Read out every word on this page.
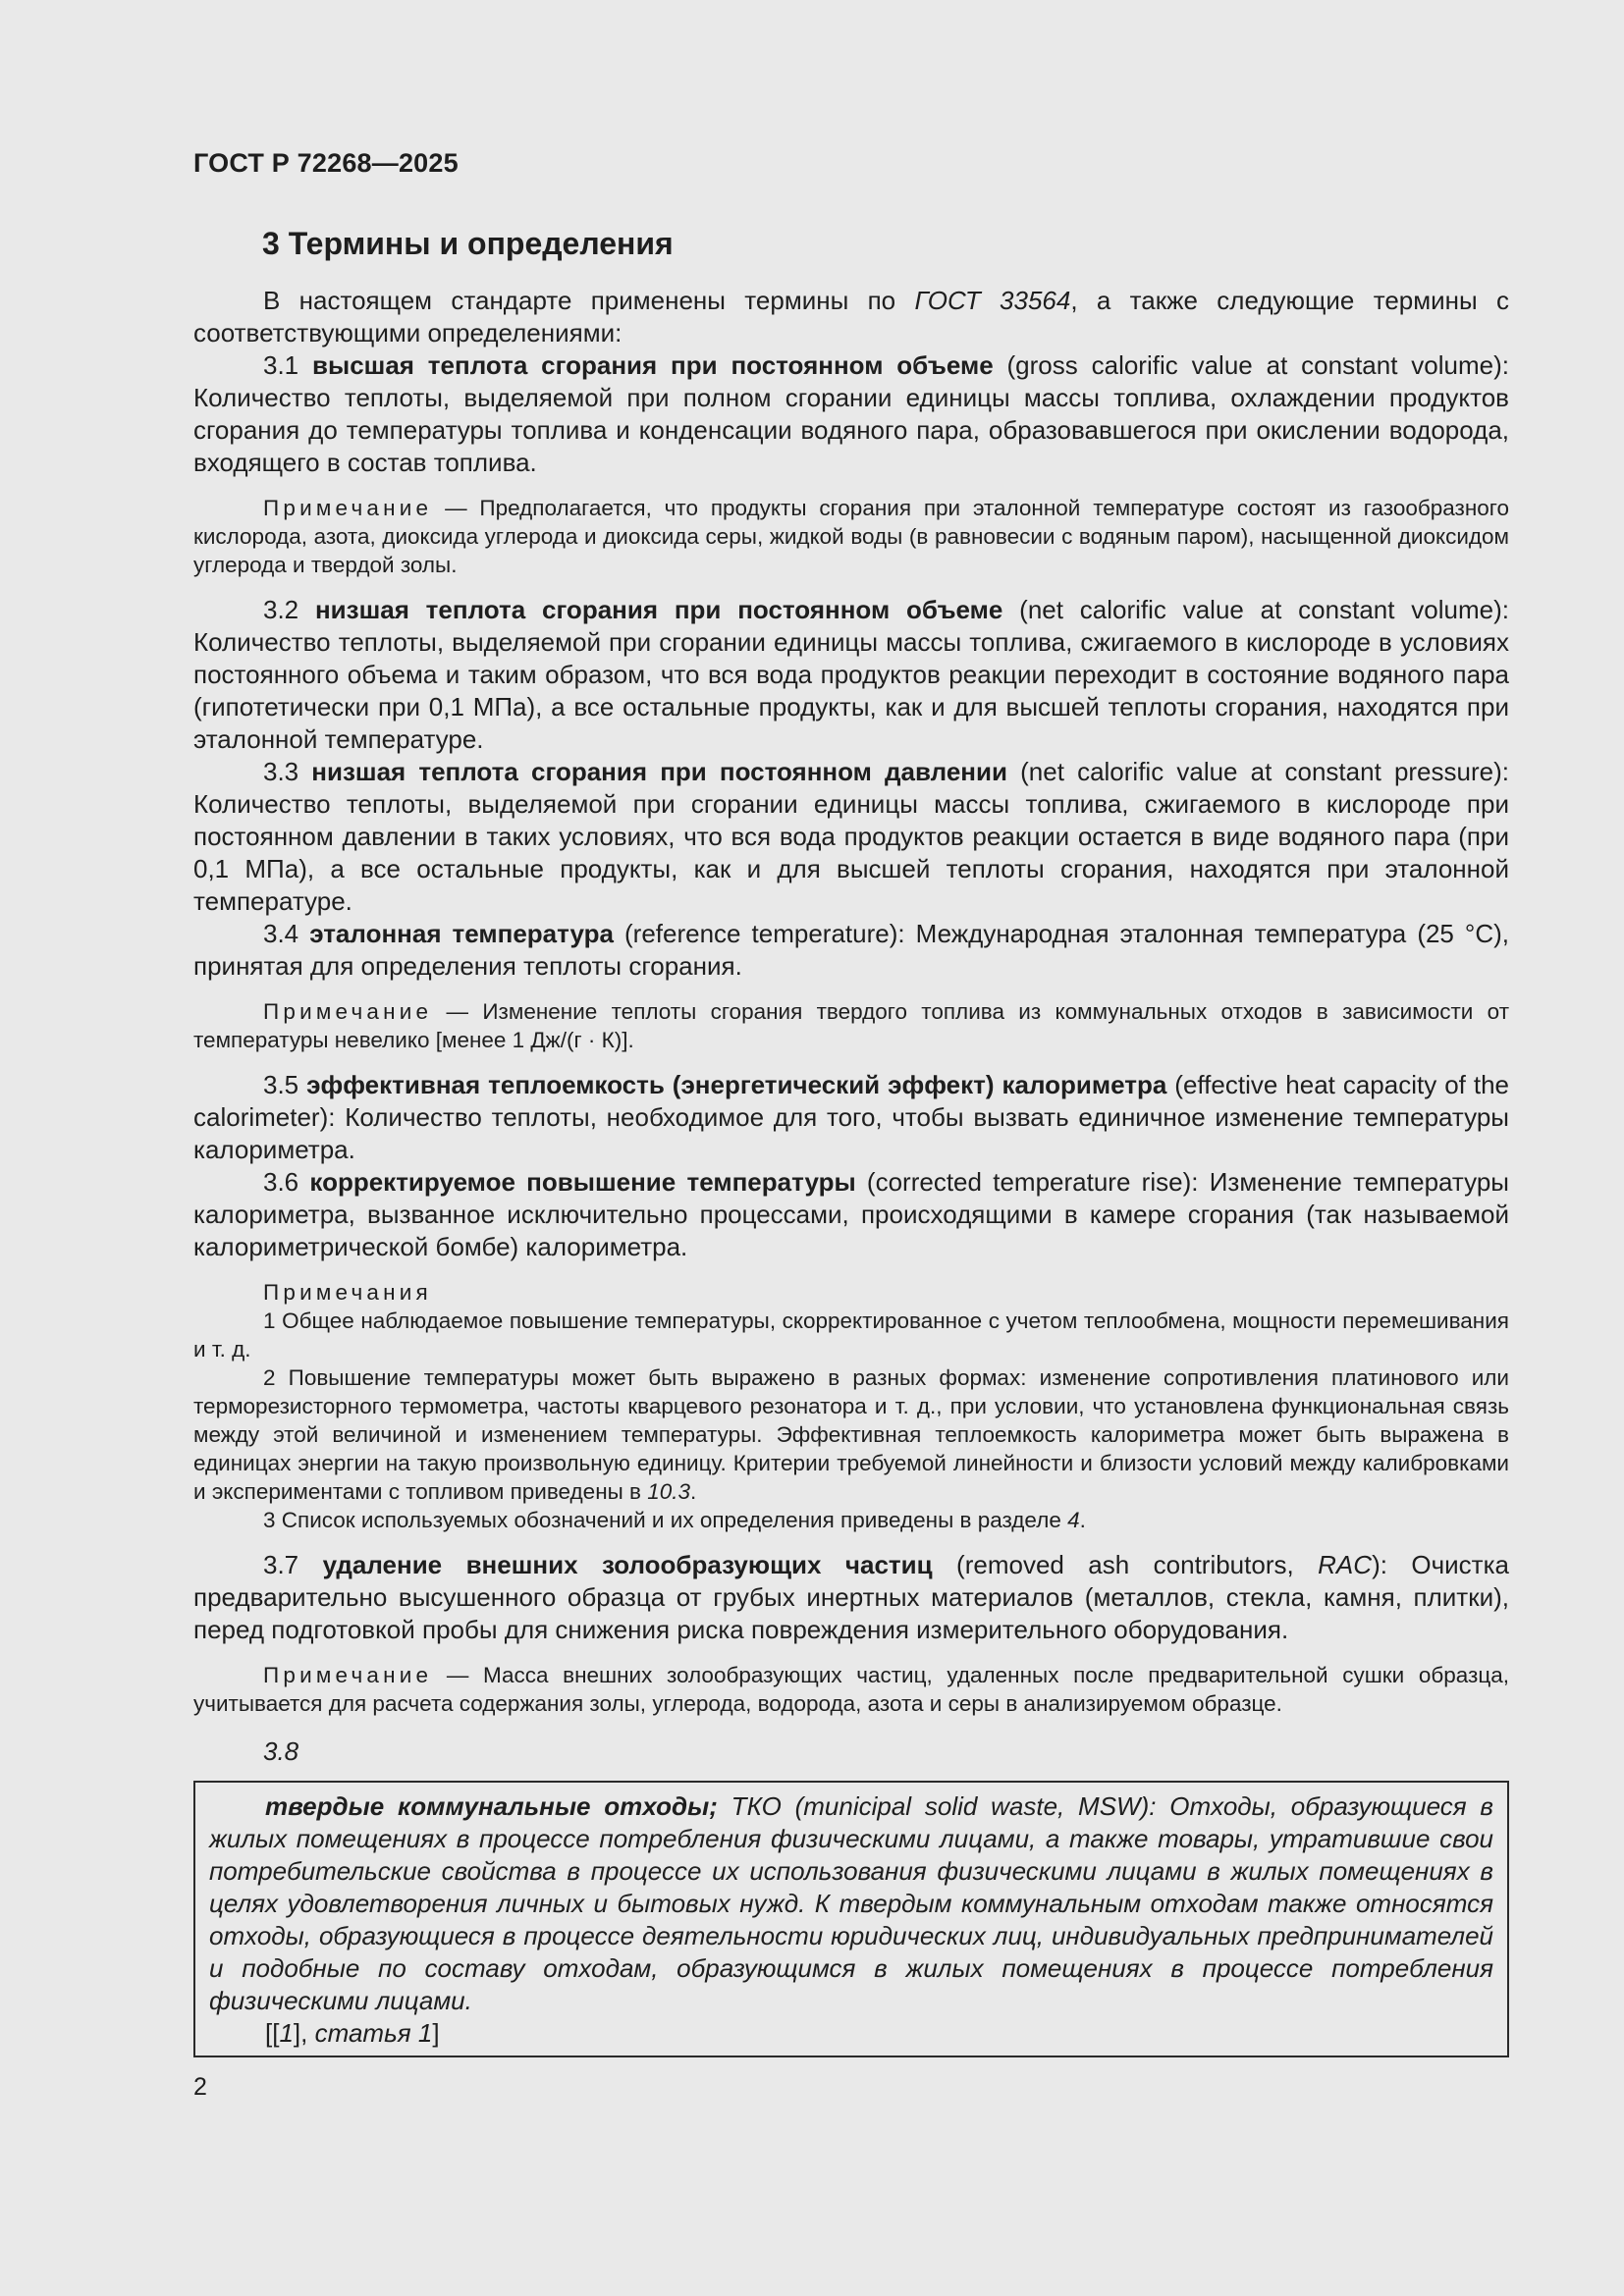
ГОСТ Р 72268—2025
3 Термины и определения

В настоящем стандарте применены термины по ГОСТ 33564, а также следующие термины с соответствующими определениями:

3.1 высшая теплота сгорания при постоянном объеме (gross calorific value at constant volume): Количество теплоты, выделяемой при полном сгорании единицы массы топлива, охлаждении продуктов сгорания до температуры топлива и конденсации водяного пара, образовавшегося при окислении водорода, входящего в состав топлива.

Примечание — Предполагается, что продукты сгорания при эталонной температуре состоят из газообразного кислорода, азота, диоксида углерода и диоксида серы, жидкой воды (в равновесии с водяным паром), насыщенной диоксидом углерода и твердой золы.

3.2 низшая теплота сгорания при постоянном объеме (net calorific value at constant volume): Количество теплоты, выделяемой при сгорании единицы массы топлива, сжигаемого в кислороде в условиях постоянного объема и таким образом, что вся вода продуктов реакции переходит в состояние водяного пара (гипотетически при 0,1 МПа), а все остальные продукты, как и для высшей теплоты сгорания, находятся при эталонной температуре.

3.3 низшая теплота сгорания при постоянном давлении (net calorific value at constant pressure): Количество теплоты, выделяемой при сгорании единицы массы топлива, сжигаемого в кислороде при постоянном давлении в таких условиях, что вся вода продуктов реакции остается в виде водяного пара (при 0,1 МПа), а все остальные продукты, как и для высшей теплоты сгорания, находятся при эталонной температуре.

3.4 эталонная температура (reference temperature): Международная эталонная температура (25 °С), принятая для определения теплоты сгорания.

Примечание — Изменение теплоты сгорания твердого топлива из коммунальных отходов в зависимости от температуры невелико [менее 1 Дж/(г · К)].

3.5 эффективная теплоемкость (энергетический эффект) калориметра (effective heat capacity of the calorimeter): Количество теплоты, необходимое для того, чтобы вызвать единичное изменение температуры калориметра.

3.6 корректируемое повышение температуры (corrected temperature rise): Изменение температуры калориметра, вызванное исключительно процессами, происходящими в камере сгорания (так называемой калориметрической бомбе) калориметра.

Примечания

1 Общее наблюдаемое повышение температуры, скорректированное с учетом теплообмена, мощности перемешивания и т. д.

2 Повышение температуры может быть выражено в разных формах: изменение сопротивления платинового или терморезисторного термометра, частоты кварцевого резонатора и т. д., при условии, что установлена функциональная связь между этой величиной и изменением температуры. Эффективная теплоемкость калориметра может быть выражена в единицах энергии на такую произвольную единицу. Критерии требуемой линейности и близости условий между калибровками и экспериментами с топливом приведены в 10.3.

3 Список используемых обозначений и их определения приведены в разделе 4.

3.7 удаление внешних золообразующих частиц (removed ash contributors, RAC): Очистка предварительно высушенного образца от грубых инертных материалов (металлов, стекла, камня, плитки), перед подготовкой пробы для снижения риска повреждения измерительного оборудования.

Примечание — Масса внешних золообразующих частиц, удаленных после предварительной сушки образца, учитывается для расчета содержания золы, углерода, водорода, азота и серы в анализируемом образце.

3.8

твердые коммунальные отходы; ТКО (municipal solid waste, MSW): Отходы, образующиеся в жилых помещениях в процессе потребления физическими лицами, а также товары, утратившие свои потребительские свойства в процессе их использования физическими лицами в жилых помещениях в целях удовлетворения личных и бытовых нужд. К твердым коммунальным отходам также относятся отходы, образующиеся в процессе деятельности юридических лиц, индивидуальных предпринимателей и подобные по составу отходам, образующимся в жилых помещениях в процессе потребления физическими лицами.

[[1], статья 1]

2
